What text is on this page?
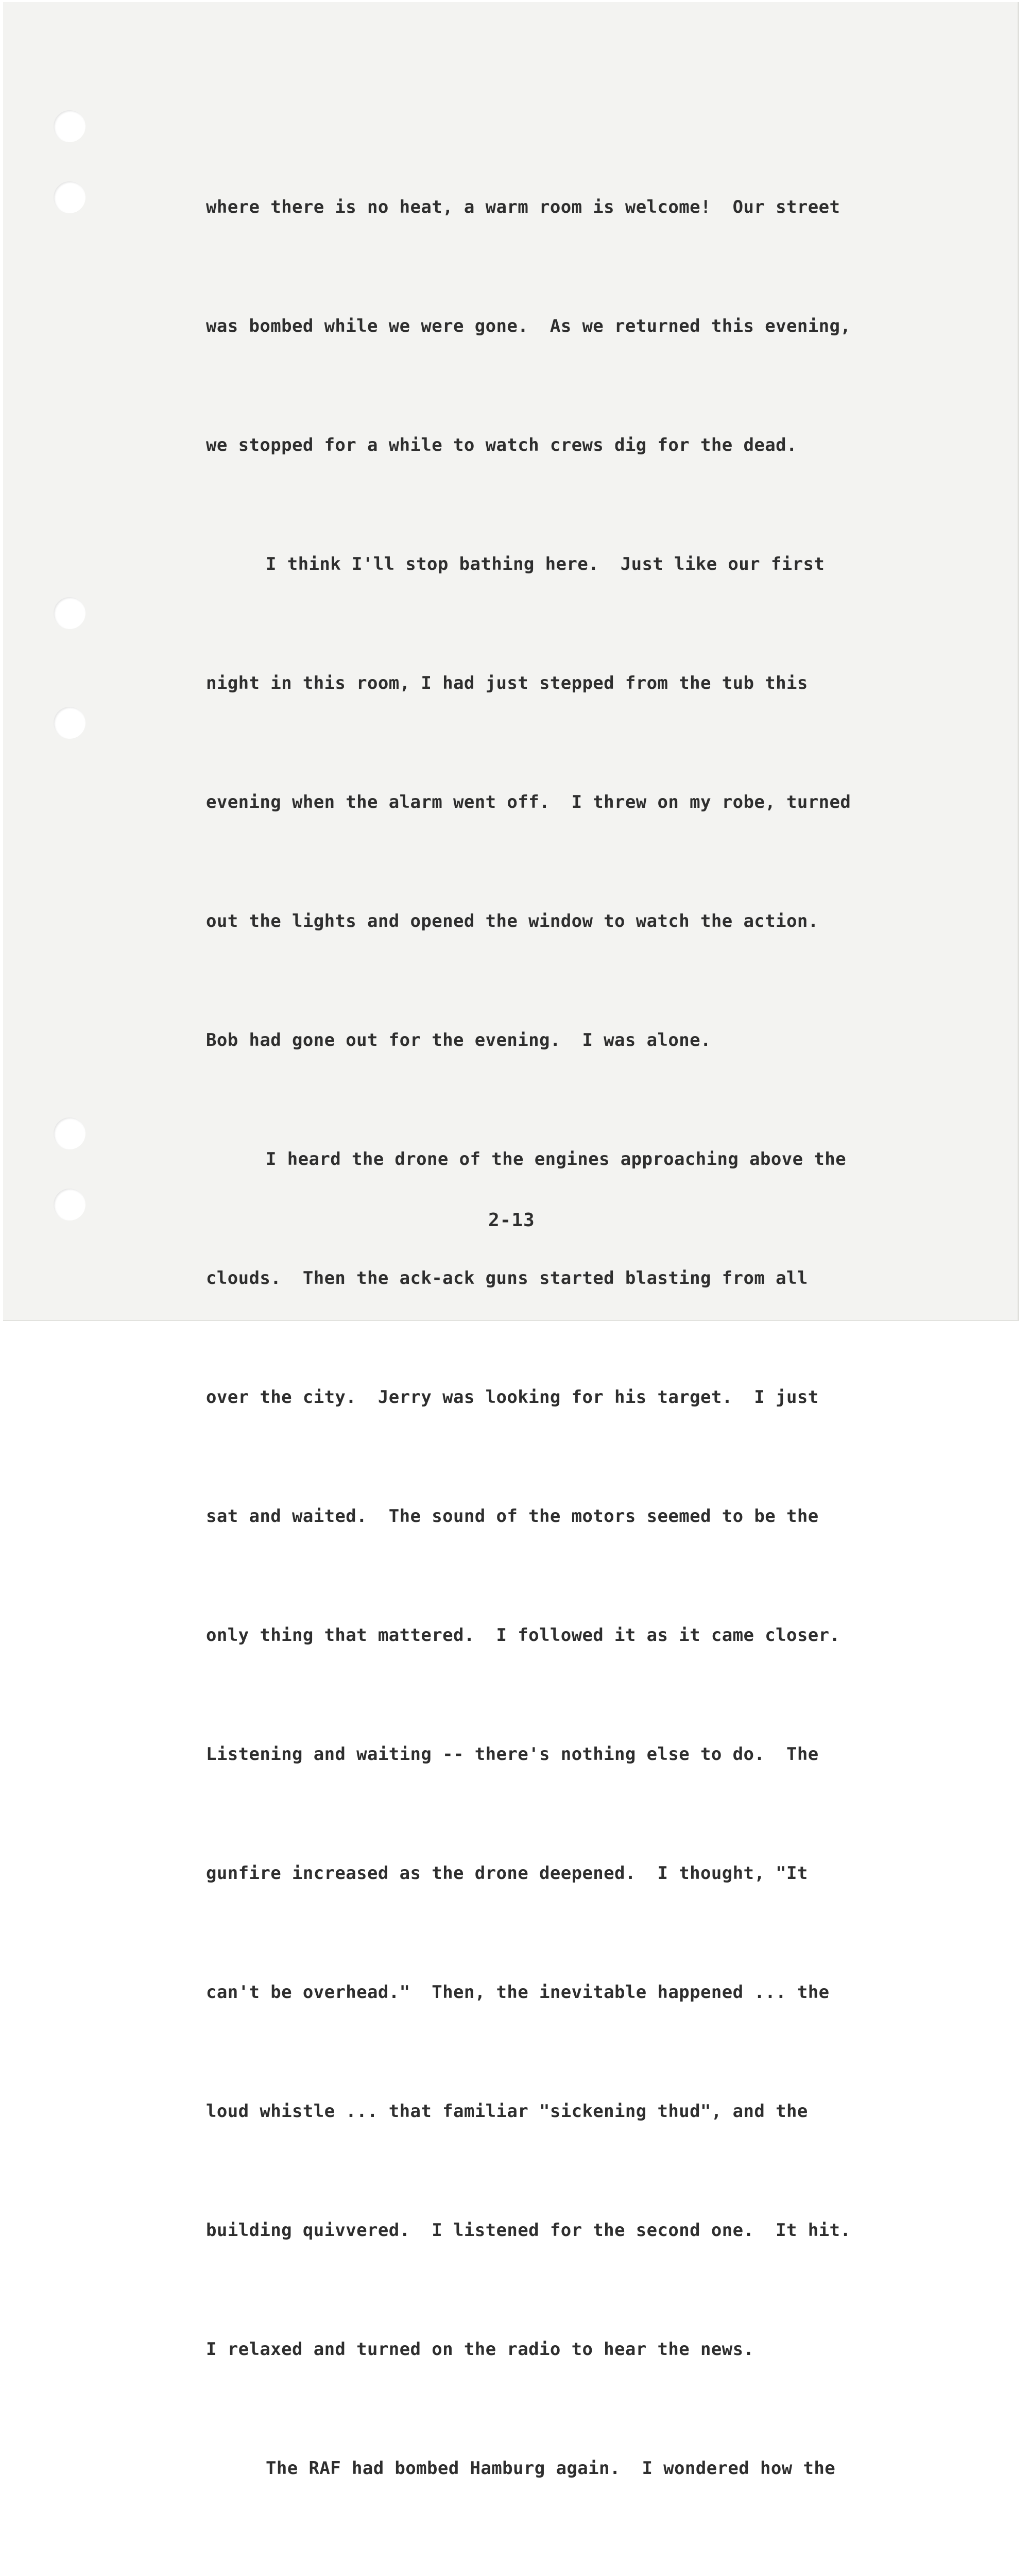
where there is no heat, a warm room is welcome!  Our street

was bombed while we were gone.  As we returned this evening,

we stopped for a while to watch crews dig for the dead.

I think I'll stop bathing here.  Just like our first

night in this room, I had just stepped from the tub this

evening when the alarm went off.  I threw on my robe, turned

out the lights and opened the window to watch the action.

Bob had gone out for the evening.  I was alone.

I heard the drone of the engines approaching above the

clouds.  Then the ack-ack guns started blasting from all

over the city.  Jerry was looking for his target.  I just

sat and waited.  The sound of the motors seemed to be the

only thing that mattered.  I followed it as it came closer.

Listening and waiting -- there's nothing else to do.  The

gunfire increased as the drone deepened.  I thought, "It

can't be overhead."  Then, the inevitable happened ... the

loud whistle ... that familiar "sickening thud", and the

building quivvered.  I listened for the second one.  It hit.

I relaxed and turned on the radio to hear the news.

The RAF had bombed Hamburg again.  I wondered how the

2-13
